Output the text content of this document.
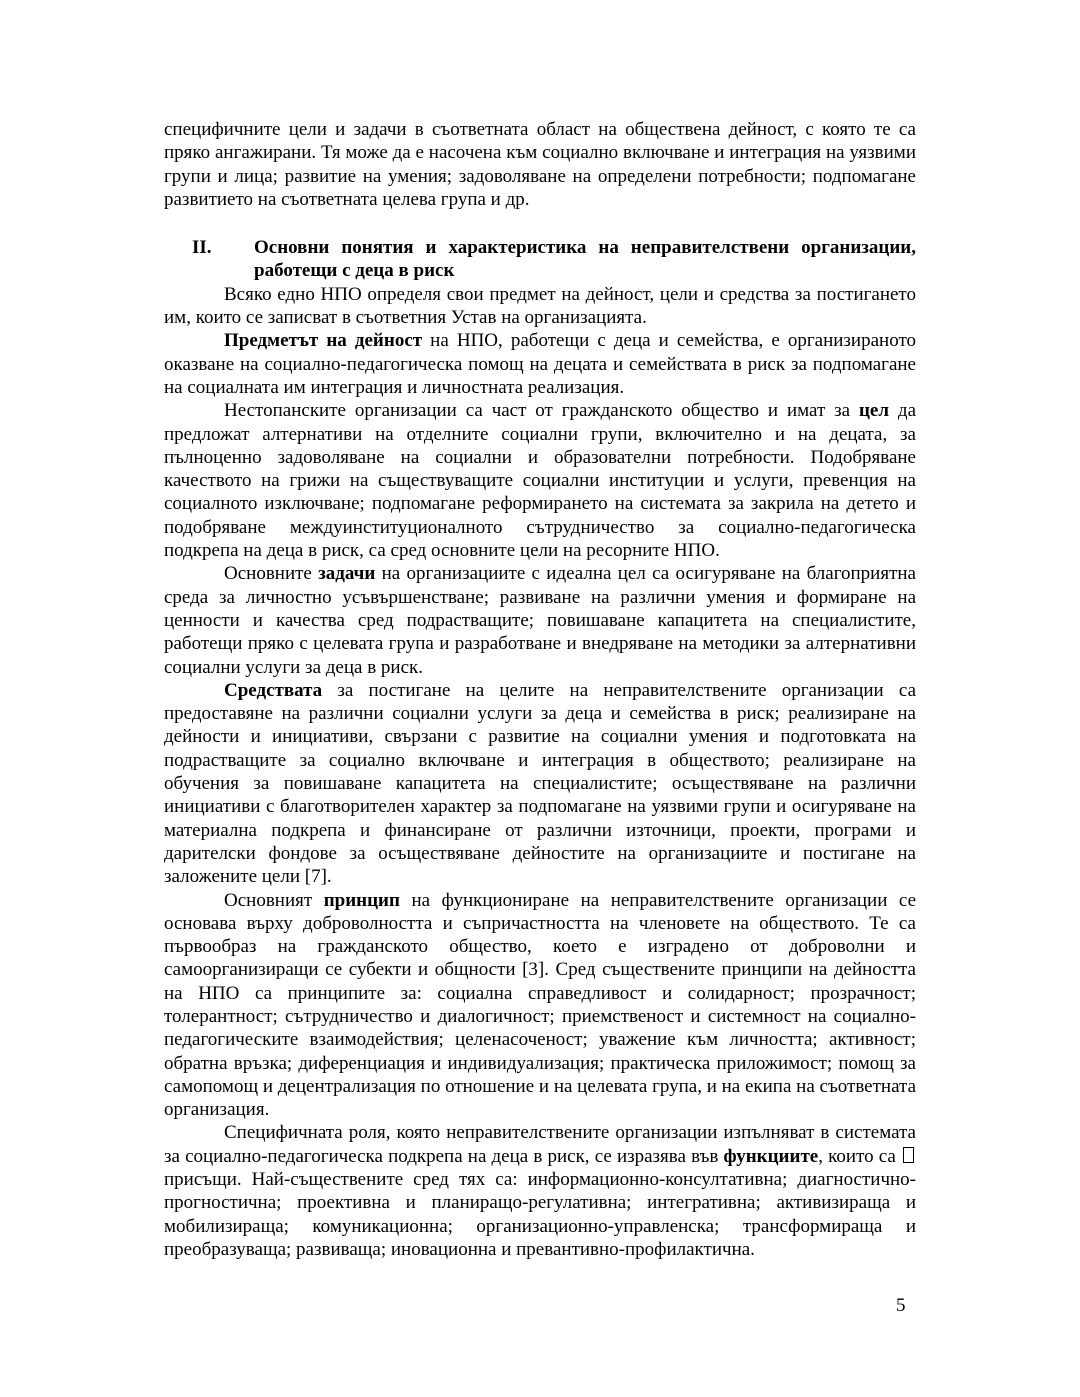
специфичните цели и задачи в съответната област на обществена дейност, с която те са пряко ангажирани. Тя може да е насочена към социално включване и интеграция на уязвими групи и лица; развитие на умения; задоволяване на определени потребности; подпомагане развитието на съответната целева група и др.

II.	Основни понятия и характеристика на неправителствени организации, работещи с деца в риск

Всяко едно НПО определя свои предмет на дейност, цели и средства за постигането им, които се записват в съответния Устав на организацията.

Предметът на дейност на НПО, работещи с деца и семейства, е организираното оказване на социално-педагогическа помощ на децата и семействата в риск за подпомагане на социалната им интеграция и личностната реализация.

Нестопанските организации са част от гражданското общество и имат за цел да предложат алтернативи на отделните социални групи, включително и на децата, за пълноценно задоволяване на социални и образователни потребности. Подобряване качеството на грижи на съществуващите социални институции и услуги, превенция на социалното изключване; подпомагане реформирането на системата за закрила на детето и подобряване междуинституционалното сътрудничество за социално-педагогическа подкрепа на деца в риск, са сред основните цели на ресорните НПО.

Основните задачи на организациите с идеална цел са осигуряване на благоприятна среда за личностно усъвършенстване; развиване на различни умения и формиране на ценности и качества сред подрастващите; повишаване капацитета на специалистите, работещи пряко с целевата група и разработване и внедряване на методики за алтернативни социални услуги за деца в риск.

Средствата за постигане на целите на неправителствените организации са предоставяне на различни социални услуги за деца и семейства в риск; реализиране на дейности и инициативи, свързани с развитие на социални умения и подготовката на подрастващите за социално включване и интеграция в обществото; реализиране на обучения за повишаване капацитета на специалистите; осъществяване на различни инициативи с благотворителен характер за подпомагане на уязвими групи и осигуряване на материална подкрепа и финансиране от различни източници, проекти, програми и дарителски фондове за осъществяване дейностите на организациите и постигане на заложените цели [7].

Основният принцип на функциониране на неправителствените организации се основава върху доброволността и съпричастността на членовете на обществото. Те са първообраз на гражданското общество, което е изградено от доброволни и самоорганизиращи се субекти и общности [3]. Сред съществените принципи на дейността на НПО са принципите за: социална справедливост и солидарност; прозрачност; толерантност; сътрудничество и диалогичност; приемственост и системност на социално-педагогическите взаимодействия; целенасоченост; уважение към личността; активност; обратна връзка; диференциация и индивидуализация; практическа приложимост; помощ за самопомощ и децентрализация по отношение и на целевата група, и на екипа на съответната организация.

Специфичната роля, която неправителствените организации изпълняват в системата за социално-педагогическа подкрепа на деца в риск, се изразява във функциите, които са  присъщи. Най-съществените сред тях са: информационно-консултативна; диагностично-прогностична; проективна и планиращо-регулативна; интегративна; активизираща и мобилизираща; комуникационна; организационно-управленска; трансформираща и преобразуваща; развиваща; иновационна и превантивно-профилактична.

5
